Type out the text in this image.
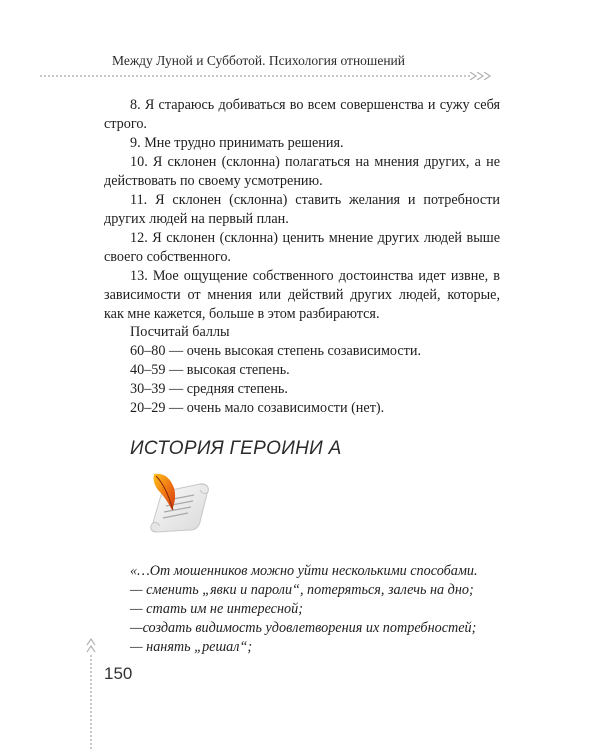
Между Луной и Субботой. Психология отношений

8. Я стараюсь добиваться во всем совершенства и сужу себя строго.

9. Мне трудно принимать решения.

10. Я склонен (склонна) полагаться на мнения других, а не действовать по своему усмотрению.

11. Я склонен (склонна) ставить желания и потребности других людей на первый план.

12. Я склонен (склонна) ценить мнение других людей выше своего собственного.

13. Мое ощущение собственного достоинства идет извне, в зависимости от мнения или действий других людей, которые, как мне кажется, больше в этом разбираются.

Посчитай баллы
60–80 — очень высокая степень созависимости.
40–59 — высокая степень.
30–39 — средняя степень.
20–29 — очень мало созависимости (нет).
ИСТОРИЯ ГЕРОИНИ А
«…От мошенников можно уйти несколькими способами.
— сменить „явки и пароли“, потеряться, залечь на дно;
— стать им не интересной;
—создать видимость удовлетворения их потребностей;
— нанять „решал“;
150
